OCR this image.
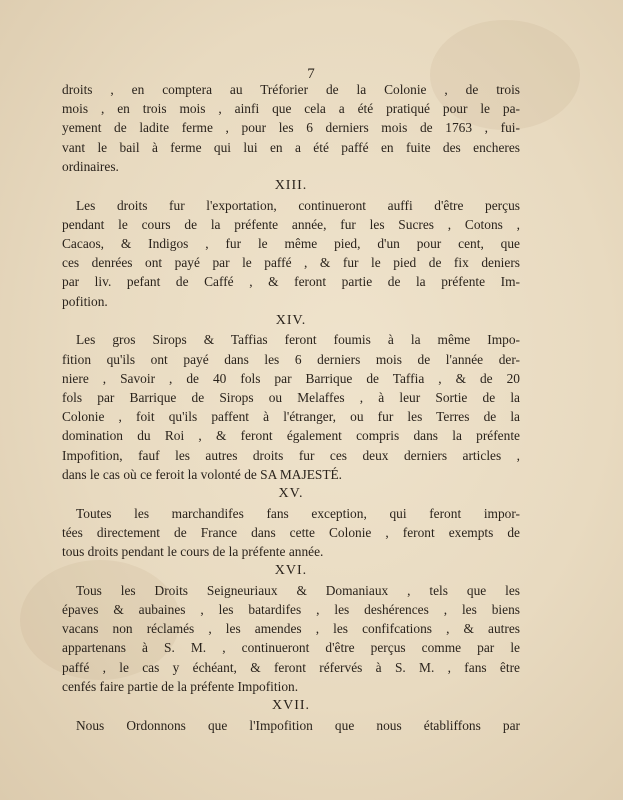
7
droits , en comptera au Tréforier de la Colonie , de trois
mois , en trois mois , ainfi que cela a été pratiqué pour le pa-
yement de ladite ferme , pour les 6 derniers mois de 1763 , fui-
vant le bail à ferme qui lui en a été paffé en fuite des encheres
ordinaires.
XIII.
Les droits fur l'exportation, continueront auffi d'être perçus
pendant le cours de la préfente année, fur les Sucres , Cotons ,
Cacaos, & Indigos , fur le même pied, d'un pour cent, que
ces denrées ont payé par le paffé , & fur le pied de fix deniers
par liv. pefant de Caffé , & feront partie de la préfente Im-
pofition.
XIV.
Les gros Sirops & Taffias feront foumis à la même Impo-
fition qu'ils ont payé dans les 6 derniers mois de l'année der-
niere , Savoir , de 40 fols par Barrique de Taffia , & de 20
fols par Barrique de Sirops ou Melaffes , à leur Sortie de la
Colonie , foit qu'ils paffent à l'étranger, ou fur les Terres de la
domination du Roi , & feront également compris dans la préfente
Impofition, fauf les autres droits fur ces deux derniers articles ,
dans le cas où ce feroit la volonté de SA MAJESTÉ.
XV.
Toutes les marchandifes fans exception, qui feront impor-
tées directement de France dans cette Colonie , feront exempts de
tous droits pendant le cours de la préfente année.
XVI.
Tous les Droits Seigneuriaux & Domaniaux , tels que les
épaves & aubaines , les batardifes , les deshérences , les biens
vacans non réclamés , les amendes , les confifcations , & autres
appartenans à S. M. , continueront d'être perçus comme par le
paffé , le cas y échéant, & feront réfervés à S. M. , fans être
cenfés faire partie de la préfente Impofition.
XVII.
Nous Ordonnons que l'Impofition que nous établiffons par
